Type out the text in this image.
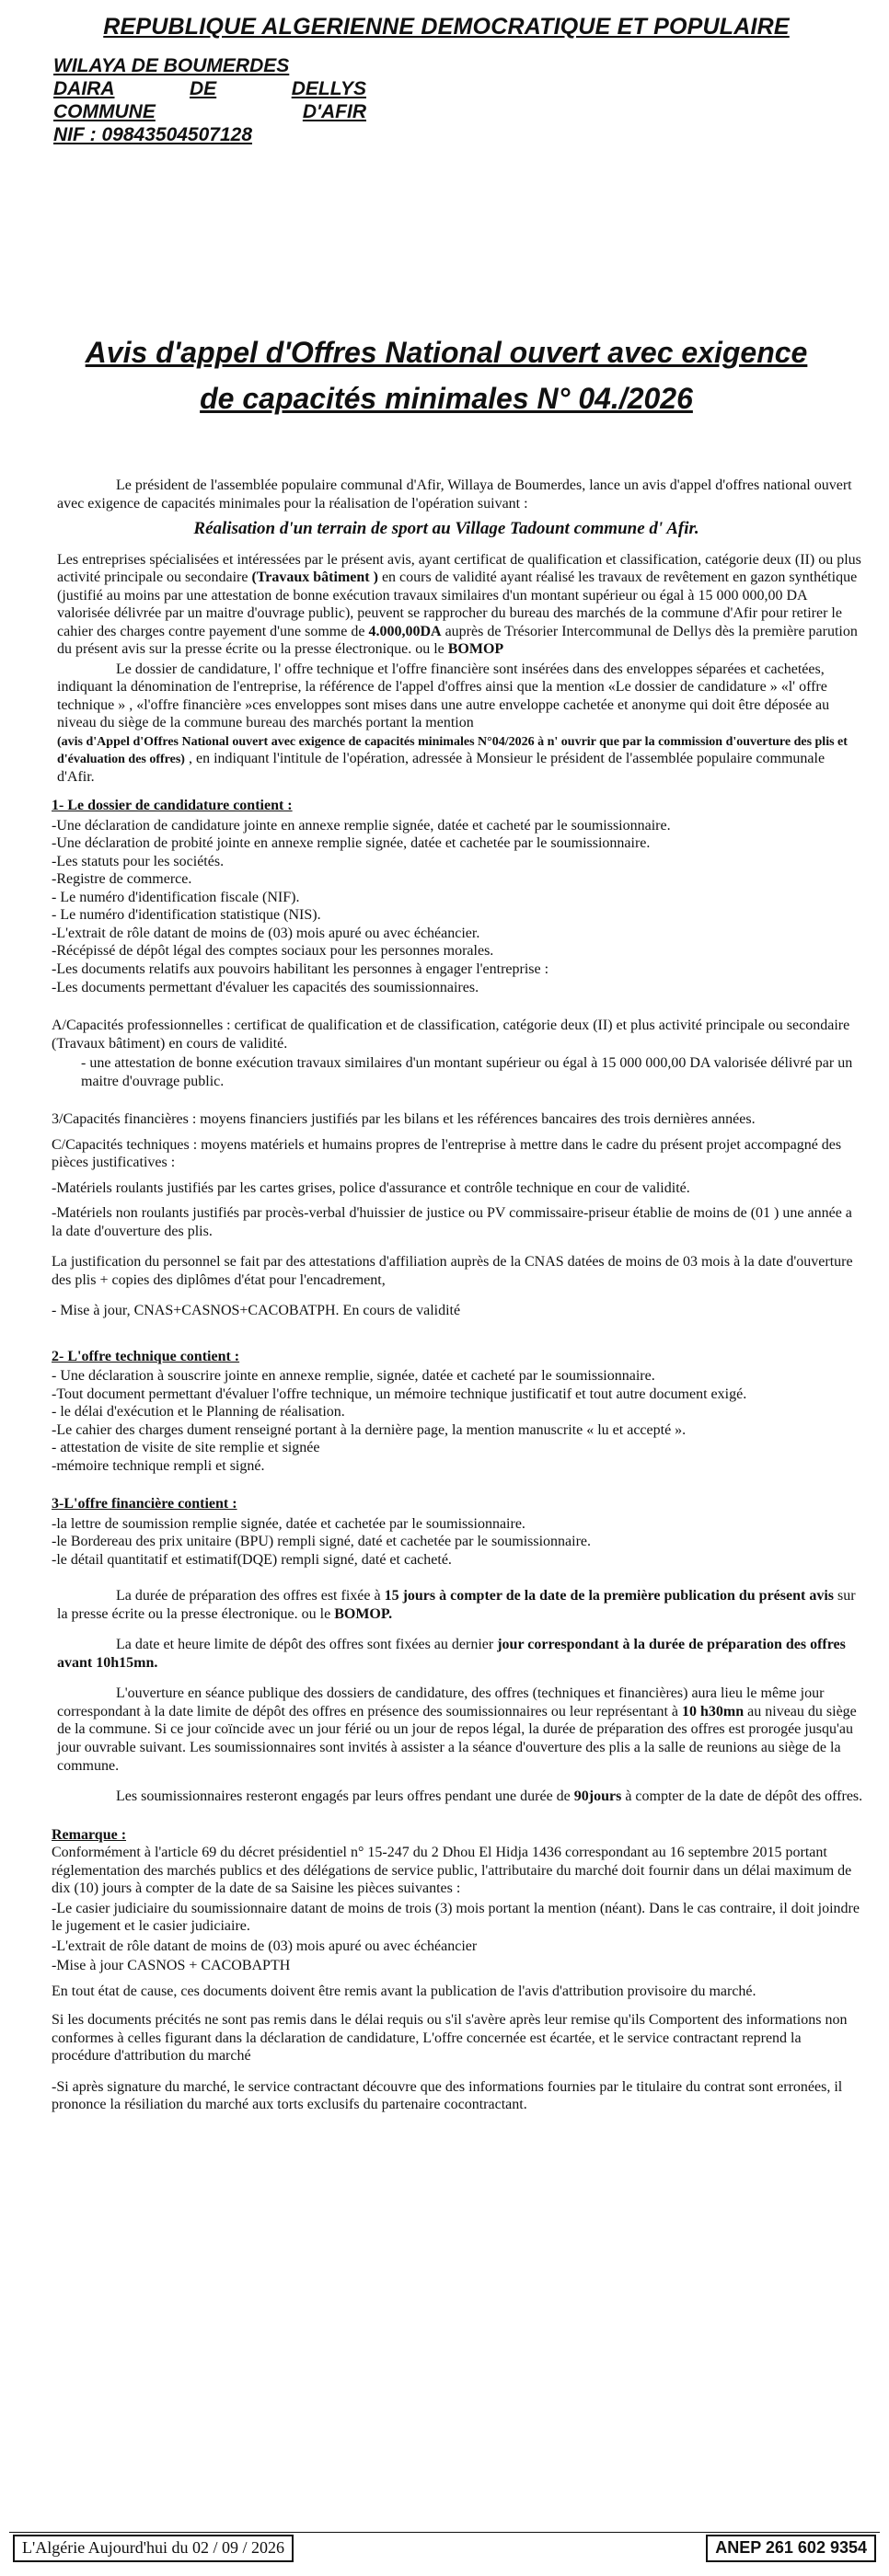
REPUBLIQUE ALGERIENNE DEMOCRATIQUE ET POPULAIRE
WILAYA DE BOUMERDES
DAIRA	DE	DELLYS
COMMUNE	D'AFIR
NIF : 09843504507128
Avis d'appel d'Offres National ouvert avec exigence
de capacités minimales N° 04./2026

Le président de l'assemblée populaire communal d'Afir, Willaya de Boumerdes, lance un avis d'appel d'offres national ouvert avec exigence de capacités minimales pour la réalisation de l'opération suivant :

Réalisation d'un terrain de sport au Village Tadount commune d' Afir.

Les entreprises spécialisées et intéressées par le présent avis, ayant certificat de qualification et classification, catégorie deux (II) ou plus activité principale ou secondaire (Travaux bâtiment ) en cours de validité ayant réalisé les travaux de revêtement en gazon synthétique (justifié au moins par une attestation de bonne exécution travaux similaires d'un montant supérieur ou égal à 15 000 000,00 DA valorisée délivrée par un maitre d'ouvrage public), peuvent se rapprocher du bureau des marchés de la commune d'Afir pour retirer le cahier des charges contre payement d'une somme de 4.000,00DA auprès de Trésorier Intercommunal de Dellys dès la première parution du présent avis sur la presse écrite ou la presse électronique. ou le BOMOP

Le dossier de candidature, l' offre technique et l'offre financière sont insérées dans des enveloppes séparées et cachetées, indiquant la dénomination de l'entreprise, la référence de l'appel d'offres ainsi que la mention «Le dossier de candidature » «l' offre technique » , «l'offre financière »ces enveloppes sont mises dans une autre enveloppe cachetée et anonyme qui doit être déposée au niveau du siège de la commune bureau des marchés portant la mention
(avis d'Appel d'Offres National ouvert avec exigence de capacités minimales N°04/2026 à n' ouvrir que par la commission d'ouverture des plis et d'évaluation des offres) , en indiquant l'intitule de l'opération, adressée à Monsieur le président de l'assemblée populaire communale d'Afir.

1- Le dossier de candidature contient :
-Une déclaration de candidature jointe en annexe remplie signée, datée et cacheté par le soumissionnaire.
-Une déclaration de probité jointe en annexe remplie signée, datée et cachetée par le soumissionnaire.
-Les statuts pour les sociétés.
-Registre de commerce.
- Le numéro d'identification fiscale (NIF).
- Le numéro d'identification statistique (NIS).
-L'extrait de rôle datant de moins de (03) mois apuré ou avec échéancier.
-Récépissé de dépôt légal des comptes sociaux pour les personnes morales.
-Les documents relatifs aux pouvoirs habilitant les personnes à engager l'entreprise :
-Les documents permettant d'évaluer les capacités des soumissionnaires.

A/Capacités professionnelles : certificat de qualification et de classification, catégorie deux (II) et plus activité principale ou secondaire (Travaux bâtiment) en cours de validité.

- une attestation de bonne exécution travaux similaires d'un montant supérieur ou égal à 15 000 000,00 DA valorisée délivré par un maitre d'ouvrage public.

3/Capacités financières : moyens financiers justifiés par les bilans et les références bancaires des trois dernières années.

C/Capacités techniques : moyens matériels et humains propres de l'entreprise à mettre dans le cadre du présent projet accompagné des pièces justificatives :

-Matériels roulants justifiés par les cartes grises, police d'assurance et contrôle technique en cour de validité.

-Matériels non roulants justifiés par procès-verbal d'huissier de justice ou PV commissaire-priseur établie de moins de (01 ) une année a la date d'ouverture des plis.

La justification du personnel se fait par des attestations d'affiliation auprès de la CNAS datées de moins de 03 mois à la date d'ouverture des plis + copies des diplômes d'état pour l'encadrement,

- Mise à jour, CNAS+CASNOS+CACOBATPH. En cours de validité

2- L'offre technique contient :
- Une déclaration à souscrire jointe en annexe remplie, signée, datée et cacheté par le soumissionnaire.
-Tout document permettant d'évaluer l'offre technique, un mémoire technique justificatif et tout autre document exigé.
- le délai d'exécution et le Planning de réalisation.
-Le cahier des charges dument renseigné portant à la dernière page, la mention manuscrite « lu et accepté ».
- attestation de visite de site remplie et signée
-mémoire technique rempli et signé.
3-L'offre financière contient :
-la lettre de soumission remplie signée, datée et cachetée par le soumissionnaire.
-le Bordereau des prix unitaire (BPU) rempli signé, daté et cachetée par le soumissionnaire.
-le détail quantitatif et estimatif(DQE) rempli signé, daté et cacheté.

La durée de préparation des offres est fixée à 15 jours à compter de la date de la première publication du présent avis sur la presse écrite ou la presse électronique. ou le BOMOP.

La date et heure limite de dépôt des offres sont fixées au dernier jour correspondant à la durée de préparation des offres avant 10h15mn.

L'ouverture en séance publique des dossiers de candidature, des offres (techniques et financières) aura lieu le même jour correspondant à la date limite de dépôt des offres en présence des soumissionnaires ou leur représentant à 10 h30mn au niveau du siège de la commune. Si ce jour coïncide avec un jour férié ou un jour de repos légal, la durée de préparation des offres est prorogée jusqu'au jour ouvrable suivant. Les soumissionnaires sont invités à assister a la séance d'ouverture des plis a la salle de reunions au siège de la commune.

Les soumissionnaires resteront engagés par leurs offres pendant une durée de 90jours à compter de la date de dépôt des offres.

Remarque :

Conformément à l'article 69 du décret présidentiel n° 15-247 du 2 Dhou El Hidja 1436 correspondant au 16 septembre 2015 portant réglementation des marchés publics et des délégations de service public, l'attributaire du marché doit fournir dans un délai maximum de dix (10) jours à compter de la date de sa Saisine les pièces suivantes :

-Le casier judiciaire du soumissionnaire datant de moins de trois (3) mois portant la mention (néant). Dans le cas contraire, il doit joindre le jugement et le casier judiciaire.

-L'extrait de rôle datant de moins de (03) mois apuré ou avec échéancier

-Mise à jour CASNOS + CACOBAPTH

En tout état de cause, ces documents doivent être remis avant la publication de l'avis d'attribution provisoire du marché.

Si les documents précités ne sont pas remis dans le délai requis ou s'il s'avère après leur remise qu'ils Comportent des informations non conformes à celles figurant dans la déclaration de candidature, L'offre concernée est écartée, et le service contractant reprend la procédure d'attribution du marché

-Si après signature du marché, le service contractant découvre que des informations fournies par le titulaire du contrat sont erronées, il prononce la résiliation du marché aux torts exclusifs du partenaire cocontractant.

L'Algérie Aujourd'hui du 02 / 09 / 2026	ANEP 261 602 9354
